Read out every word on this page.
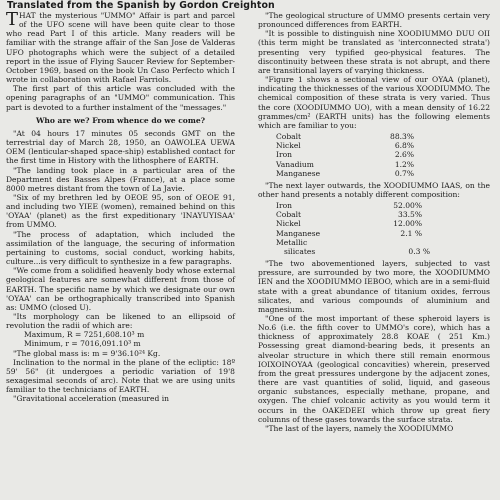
Translated from the Spanish by Gordon Creighton

THAT the mysterious "UMMO" Affair is part and parcel of the UFO scene will have been quite clear to those who read Part I of this article. Many readers will be familiar with the strange affair of the San Jose de Valderas UFO photographs which were the subject of a detailed report in the issue of Flying Saucer Review for September-October 1969, based on the book Un Caso Perfecto which I wrote in collaboration with Rafael Farriols.

The first part of this article was concluded with the opening paragraphs of an "UMMO" communication. This part is devoted to a further instalment of the "messages."

Who are we? From whence do we come?

"At 04 hours 17 minutes 05 seconds GMT on the terrestrial day of March 28, 1950, an OAWOLEA UEWA OEM (lenticular-shaped space-ship) established contact for the first time in History with the lithosphere of EARTH.

"The landing took place in a particular area of the Department des Basses Alpes (France), at a place some 8000 metres distant from the town of La Javie.

"Six of my brethren led by OEOE 95, son of OEOE 91, and including two YIEE (women), remained behind on this 'OYAA' (planet) as the first expeditionary 'INAYUYISAA' from UMMO.

"The process of adaptation, which included the assimilation of the language, the securing of information pertaining to customs, social conduct, working habits, culture...is very difficult to synthesize in a few paragraphs.

"We come from a solidified heavenly body whose external geological features are somewhat different from those of EARTH. The specific name by which we designate our own 'OYAA' can be orthographically transcribed into Spanish as: UMMO (closed U).

"Its morphology can be likened to an ellipsoid of revolution the radii of which are:

Maximum, R = 7251,608.10³ m
Minimum, r = 7016,091.10³ m

"The global mass is: m = 9'36.10²⁴ Kg.

Inclination to the normal in the plane of the ecliptic: 18º 59' 56" (it undergoes a periodic variation of 19'8 sexagesimal seconds of arc). Note that we are using units familiar to the technicians of EARTH.

"Gravitational acceleration (measured in

"The geological structure of UMMO presents certain very pronounced differences from EARTH.

"It is possible to distinguish nine XOODIUMMO DUU OII (this term might be translated as 'interconnected strata') presenting very typified geo-physical features. The discontinuity between these strata is not abrupt, and there are transitional layers of varying thickness.

"Figure 1 shows a sectional view of our OYAA (planet), indicating the thicknesses of the various XOODIUMMO. The chemical composition of these strata is very varied. Thus the core (XOODIUMMO UO), with a mean density of 16.22 grammes/cm² (EARTH units) has the following elements which are familiar to you:

Cobalt	88.3%
Nickel	6.8%
Iron	2.6%
Vanadium	1.2%
Manganese	0.7%

"The next layer outwards, the XOODIUMMO IAAS, on the other hand presents a notably different composition:

Iron	52.00%
Cobalt	33.5%
Nickel	12.00%
Manganese	2.1 %
Metallic
silicates	0.3 %

"The two abovementioned layers, subjected to vast pressure, are surrounded by two more, the XOODIUMMO IEN and the XOODIUMMO IEBOO, which are in a semi-fluid state with a great abundance of titanium oxides, ferrous silicates, and various compounds of aluminium and magnesium.

"One of the most important of these spheroid layers is No.6 (i.e. the fifth cover to UMMO's core), which has a thickness of approximately 28.8 KOAE ( 251 Km.) Possessing great diamond-bearing beds, it presents an alveolar structure in which there still remain enormous IOIXOINOYAA (geological concavities) wherein, preserved from the great pressures undergone by the adjacent zones, there are vast quantities of solid, liquid, and gaseous organic substances, especially methane, propane, and oxygen. The chief volcanic activity as you would term it occurs in the OAKEDEEI which throw up great fiery columns of these gases towards the surface strata.

"The last of the layers, namely the XOODIUMMO
